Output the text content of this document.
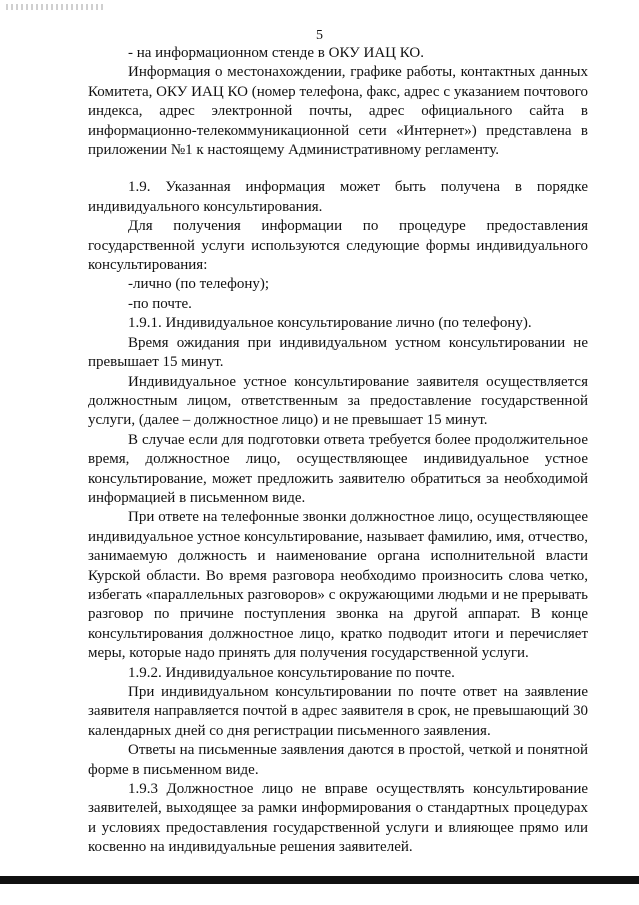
5

- на информационном стенде в ОКУ ИАЦ КО.

Информация о местонахождении, графике работы, контактных данных Комитета, ОКУ ИАЦ КО (номер телефона, факс, адрес с указанием почтового индекса, адрес электронной почты, адрес официального сайта в информационно-телекоммуникационной сети «Интернет») представлена в приложении №1 к настоящему Административному регламенту.

1.9. Указанная информация может быть получена в порядке индивидуального консультирования.

Для получения информации по процедуре предоставления государственной услуги используются следующие формы индивидуального консультирования:

-лично (по телефону);

-по почте.

1.9.1. Индивидуальное консультирование лично (по телефону).

Время ожидания при индивидуальном устном консультировании не превышает 15 минут.

Индивидуальное устное консультирование заявителя осуществляется должностным лицом, ответственным за предоставление государственной услуги, (далее – должностное лицо) и не превышает 15 минут.

В случае если для подготовки ответа требуется более продолжительное время, должностное лицо, осуществляющее индивидуальное устное консультирование, может предложить заявителю обратиться за необходимой информацией в письменном виде.

При ответе на телефонные звонки должностное лицо, осуществляющее индивидуальное устное консультирование, называет фамилию, имя, отчество, занимаемую должность и наименование органа исполнительной власти Курской области. Во время разговора необходимо произносить слова четко, избегать «параллельных разговоров» с окружающими людьми и не прерывать разговор по причине поступления звонка на другой аппарат. В конце консультирования должностное лицо, кратко подводит итоги и перечисляет меры, которые надо принять для получения государственной услуги.

1.9.2. Индивидуальное консультирование по почте.

При индивидуальном консультировании по почте ответ на заявление заявителя направляется почтой в адрес заявителя в срок, не превышающий 30 календарных дней со дня регистрации письменного заявления.

Ответы на письменные заявления даются в простой, четкой и понятной форме в письменном виде.

1.9.3 Должностное лицо не вправе осуществлять консультирование заявителей, выходящее за рамки информирования о стандартных процедурах и условиях предоставления государственной услуги и влияющее прямо или косвенно на индивидуальные решения заявителей.
